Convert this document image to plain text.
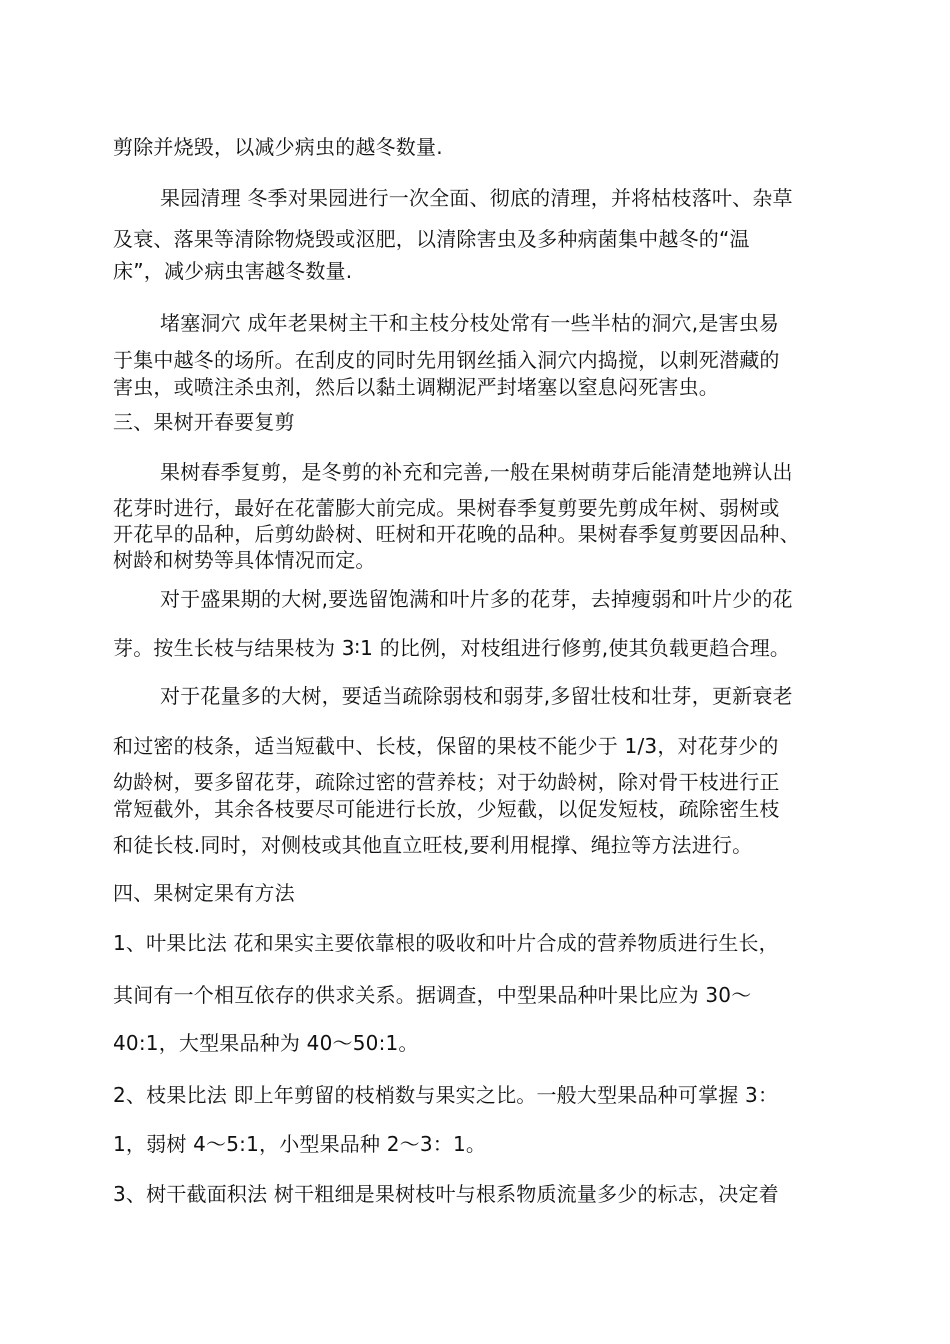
剪除并烧毁，以减少病虫的越冬数量.
果园清理 冬季对果园进行一次全面、彻底的清理，并将枯枝落叶、杂草
及衰、落果等清除物烧毁或沤肥，以清除害虫及多种病菌集中越冬的“温
床”，减少病虫害越冬数量.
堵塞洞穴 成年老果树主干和主枝分枝处常有一些半枯的洞穴,是害虫易
于集中越冬的场所。在刮皮的同时先用钢丝插入洞穴内捣搅，以刺死潜藏的
害虫，或喷注杀虫剂，然后以黏土调糊泥严封堵塞以窒息闷死害虫。
三、果树开春要复剪
果树春季复剪，是冬剪的补充和完善,一般在果树萌芽后能清楚地辨认出
花芽时进行，最好在花蕾膨大前完成。果树春季复剪要先剪成年树、弱树或
开花早的品种，后剪幼龄树、旺树和开花晚的品种。果树春季复剪要因品种、
树龄和树势等具体情况而定。
对于盛果期的大树,要选留饱满和叶片多的花芽，去掉瘦弱和叶片少的花
芽。按生长枝与结果枝为 3∶1 的比例，对枝组进行修剪,使其负载更趋合理。
对于花量多的大树，要适当疏除弱枝和弱芽,多留壮枝和壮芽，更新衰老
和过密的枝条，适当短截中、长枝，保留的果枝不能少于 1/3，对花芽少的
幼龄树，要多留花芽，疏除过密的营养枝；对于幼龄树，除对骨干枝进行正
常短截外，其余各枝要尽可能进行长放，少短截，以促发短枝，疏除密生枝
和徒长枝.同时，对侧枝或其他直立旺枝,要利用棍撑、绳拉等方法进行。
四、果树定果有方法
1、叶果比法 花和果实主要依靠根的吸收和叶片合成的营养物质进行生长，
其间有一个相互依存的供求关系。据调查，中型果品种叶果比应为 30～
40:1，大型果品种为 40～50:1。
2、枝果比法 即上年剪留的枝梢数与果实之比。一般大型果品种可掌握 3：
1，弱树 4～5:1，小型果品种 2～3：1。
3、树干截面积法 树干粗细是果树枝叶与根系物质流量多少的标志，决定着
